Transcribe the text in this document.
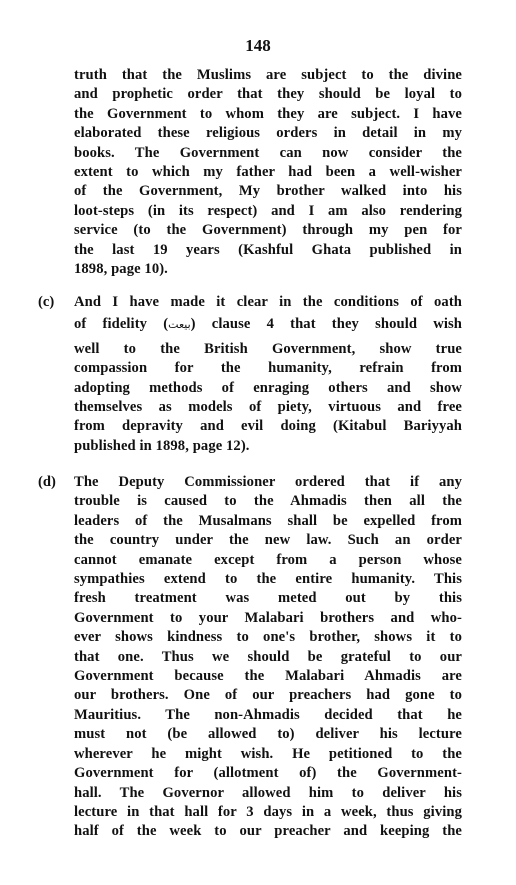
148
truth that the Muslims are subject to the divine
and prophetic order that they should be loyal to
the Government to whom they are subject. I have
elaborated these religious orders in detail in my
books. The Government can now consider the
extent to which my father had been a well-wisher
of the Government, My brother walked into his
loot-steps (in its respect) and I am also rendering
service (to the Government) through my pen for
the last 19 years (Kashful Ghata published in
1898, page 10).
(c) And I have made it clear in the conditions of oath
of fidelity (بيعت) clause 4 that they should wish
well to the British Government, show true
compassion for the humanity, refrain from
adopting methods of enraging others and show
themselves as models of piety, virtuous and free
from depravity and evil doing (Kitabul Bariyyah
published in 1898, page 12).
(d) The Deputy Commissioner ordered that if any
trouble is caused to the Ahmadis then all the
leaders of the Musalmans shall be expelled from
the country under the new law. Such an order
cannot emanate except from a person whose
sympathies extend to the entire humanity. This
fresh treatment was meted out by this
Government to your Malabari brothers and who-
ever shows kindness to one's brother, shows it to
that one. Thus we should be grateful to our
Government because the Malabari Ahmadis are
our brothers. One of our preachers had gone to
Mauritius. The non-Ahmadis decided that he
must not (be allowed to) deliver his lecture
wherever he might wish. He petitioned to the
Government for (allotment of) the Government-
hall. The Governor allowed him to deliver his
lecture in that hall for 3 days in a week, thus giving
half of the week to our preacher and keeping the
